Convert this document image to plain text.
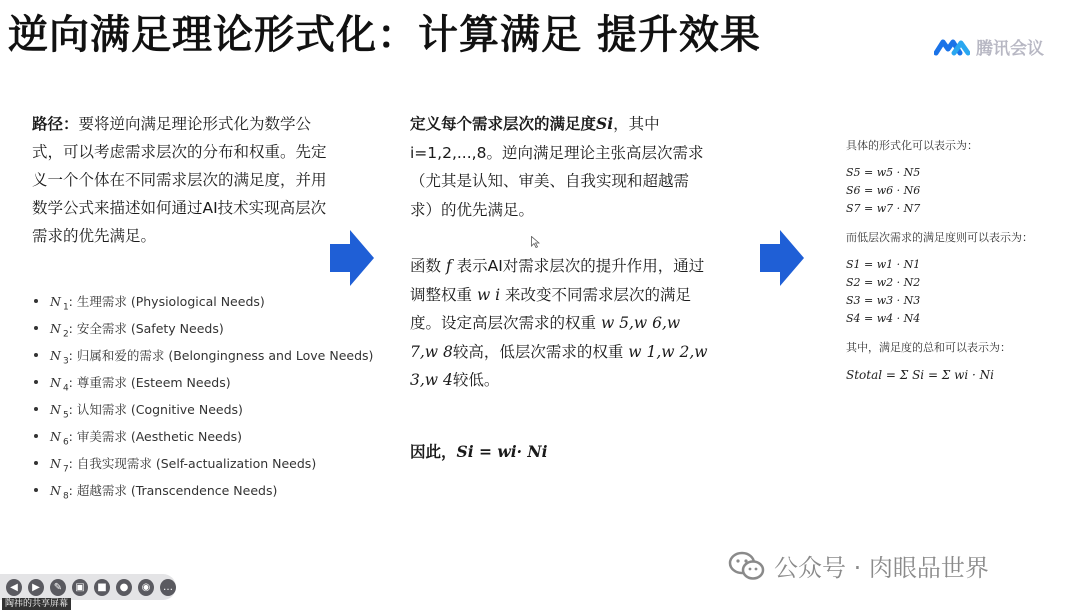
逆向满足理论形式化：计算满足 提升效果	腾讯会议

路径：要将逆向满足理论形式化为数学公式，可以考虑需求层次的分布和权重。先定义一个个体在不同需求层次的满足度，并用数学公式来描述如何通过AI技术实现高层次需求的优先满足。

N $_1$: 生理需求 (Physiological Needs)
N $_2$: 安全需求 (Safety Needs)
N $_3$: 归属和爱的需求 (Belongingness and Love Needs)
N $_4$: 尊重需求 (Esteem Needs)
N $_5$: 认知需求 (Cognitive Needs)
N $_6$: 审美需求 (Aesthetic Needs)
N $_7$: 自我实现需求 (Self-actualization Needs)
N $_8$: 超越需求 (Transcendence Needs)

定义每个需求层次的满足度Si，其中
i=1,2,...,8。逆向满足理论主张高层次需求（尤其是认知、审美、自我实现和超越需求）的优先满足。

函数 f 表示AI对需求层次的提升作用，通过调整权重 w i 来改变不同需求层次的满足度。设定高层次需求的权重 w 5,w 6,w 7,w 8较高，低层次需求的权重 w 1,w 2,w 3,w 4较低。

因此，Si = wi· Ni

具体的形式化可以表示为：

S5 = w5 · N5

S6 = w6 · N6

S7 = w7 · N7

而低层次需求的满足度则可以表示为：

S1 = w1 · N1

S2 = w2 · N2

S3 = w3 · N3

S4 = w4 · N4

其中，满足度的总和可以表示为：

Stotal = Σ Si = Σ wi · Ni

公众号 · 肉眼品世界
◀	▶	✎	▣	■	●	◉	…
陶祎的共享屏幕
